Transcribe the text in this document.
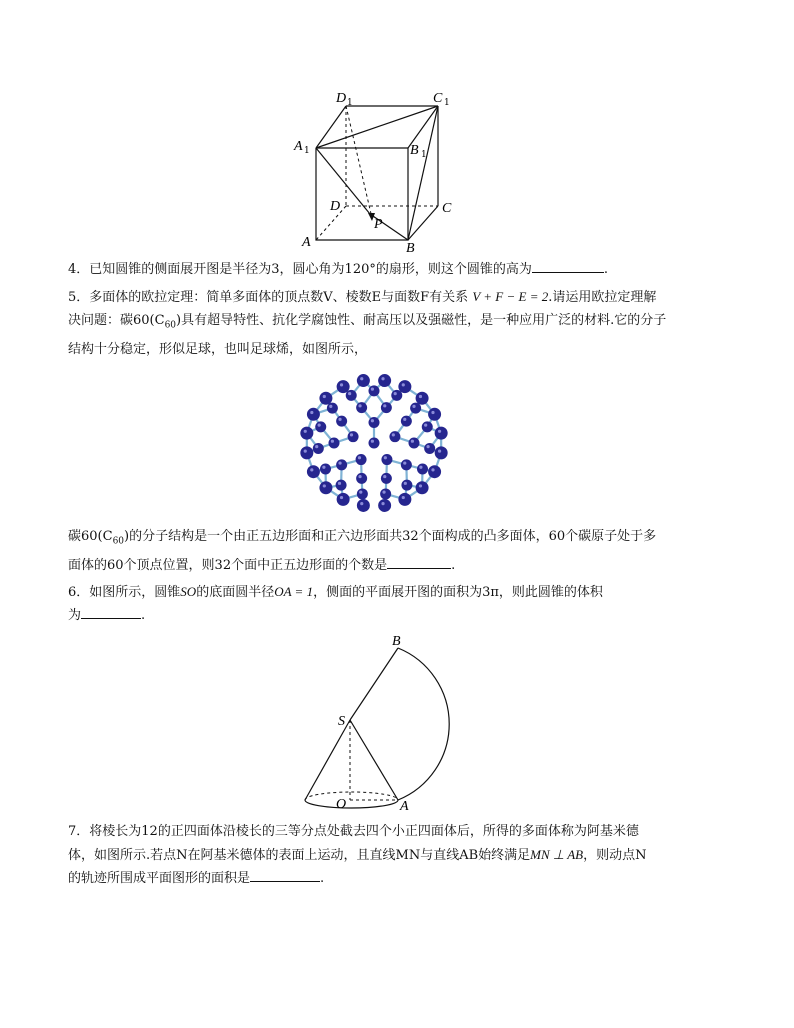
D 1	C 1
A 1	B 1
D	C
P
A	B
4．已知圆锥的侧面展开图是半径为3，圆心角为120°的扇形，则这个圆锥的高为	.
5．多面体的欧拉定理：简单多面体的顶点数V、棱数E与面数F有关系 V + F − E = 2.请运用欧拉定理解
决问题：碳$60(C_{60})$具有超导特性、抗化学腐蚀性、耐高压以及强磁性，是一种应用广泛的材料.它的分子
结构十分稳定，形似足球，也叫足球烯，如图所示，
碳$60(C_{60})$的分子结构是一个由正五边形面和正六边形面共32个面构成的凸多面体，60个碳原子处于多
面体的60个顶点位置，则32个面中正五边形面的个数是	.
6．如图所示，圆锥SO的底面圆半径OA = 1，侧面的平面展开图的面积为3π，则此圆锥的体积
为	.
B
S
O	A
7．将棱长为12的正四面体沿棱长的三等分点处截去四个小正四面体后，所得的多面体称为阿基米德
体，如图所示.若点N在阿基米德体的表面上运动，且直线MN与直线AB始终满足MN ⊥ AB，则动点N
的轨迹所围成平面图形的面积是	.
